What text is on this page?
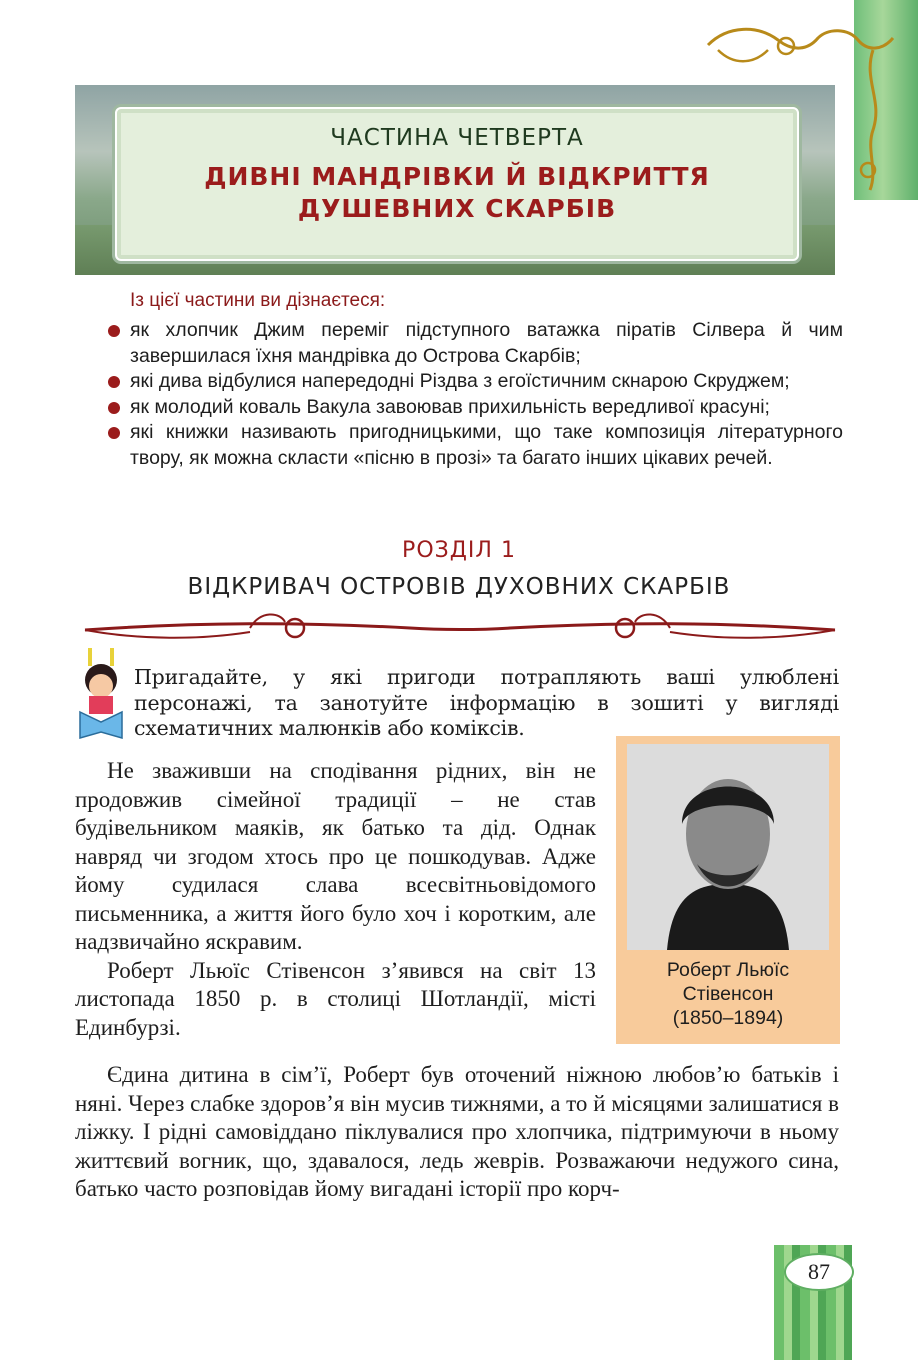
ЧАСТИНА ЧЕТВЕРТА
ДИВНІ МАНДРІВКИ Й ВІДКРИТТЯ
ДУШЕВНИХ СКАРБІВ
Із цієї частини ви дізнаєтеся:
як хлопчик Джим переміг підступного ватажка піратів Сілвера й чим завершилася їхня мандрівка до Острова Скарбів;
які дива відбулися напередодні Різдва з егоїстичним скнарою Скруджем;
як молодий коваль Вакула завоював прихильність вередливої красуні;
які книжки називають пригодницькими, що таке композиція літературного твору, як можна скласти «пісню в прозі» та багато інших цікавих речей.
РОЗДІЛ 1
ВІДКРИВАЧ ОСТРОВІВ ДУХОВНИХ СКАРБІВ
Пригадайте, у які пригоди потрапляють ваші улюблені персонажі, та занотуйте інформацію в зошиті у вигляді схематичних малюнків або коміксів.
Роберт Льюїс
Стівенсон
(1850–1894)

Не зваживши на сподівання рідних, він не продовжив сімейної традиції – не став будівельником маяків, як батько та дід. Однак навряд чи згодом хтось про це пошкодував. Адже йому судилася слава всесвітньовідомого письменника, а життя його було хоч і коротким, але надзвичайно яскравим.

Роберт Льюїс Стівенсон з’явився на світ 13 листопада 1850 р. в столиці Шотландії, місті Единбурзі.

Єдина дитина в сім’ї, Роберт був оточений ніжною любов’ю батьків і няні. Через слабке здоров’я він мусив тижнями, а то й місяцями залишатися в ліжку. І рідні самовіддано піклувалися про хлопчика, підтримуючи в ньому життєвий вогник, що, здавалося, ледь жеврів. Розважаючи недужого сина, батько часто розповідав йому вигадані історії про корч-

87
